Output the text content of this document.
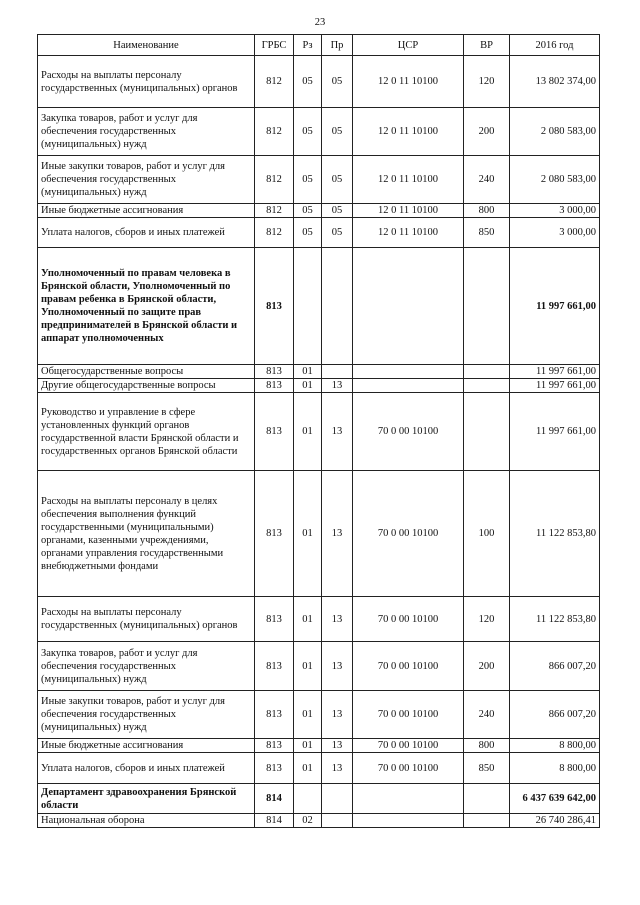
23
Наименование	ГРБС	Рз	Пр	ЦСР	ВР	2016 год
Расходы на выплаты персоналу государственных (муниципальных) органов	812	05	05	12 0 11 10100	120	13 802 374,00
Закупка товаров, работ и услуг для обеспечения государственных (муниципальных) нужд	812	05	05	12 0 11 10100	200	2 080 583,00
Иные закупки товаров, работ и услуг для обеспечения государственных (муниципальных) нужд	812	05	05	12 0 11 10100	240	2 080 583,00
Иные бюджетные ассигнования	812	05	05	12 0 11 10100	800	3 000,00
Уплата налогов, сборов и иных платежей	812	05	05	12 0 11 10100	850	3 000,00
Уполномоченный по правам человека в Брянской области, Уполномоченный по правам ребенка в Брянской области, Уполномоченный по защите прав предпринимателей в Брянской области и аппарат уполномоченных	813					11 997 661,00
Общегосударственные вопросы	813	01				11 997 661,00
Другие общегосударственные вопросы	813	01	13			11 997 661,00
Руководство и управление в сфере установленных функций органов государственной власти Брянской области и государственных органов Брянской области	813	01	13	70 0 00 10100		11 997 661,00
Расходы на выплаты персоналу в целях обеспечения выполнения функций государственными (муниципальными) органами, казенными учреждениями, органами управления государственными внебюджетными фондами	813	01	13	70 0 00 10100	100	11 122 853,80
Расходы на выплаты персоналу государственных (муниципальных) органов	813	01	13	70 0 00 10100	120	11 122 853,80
Закупка товаров, работ и услуг для обеспечения государственных (муниципальных) нужд	813	01	13	70 0 00 10100	200	866 007,20
Иные закупки товаров, работ и услуг для обеспечения государственных (муниципальных) нужд	813	01	13	70 0 00 10100	240	866 007,20
Иные бюджетные ассигнования	813	01	13	70 0 00 10100	800	8 800,00
Уплата налогов, сборов и иных платежей	813	01	13	70 0 00 10100	850	8 800,00
Департамент здравоохранения Брянской области	814					6 437 639 642,00
Национальная оборона	814	02				26 740 286,41
